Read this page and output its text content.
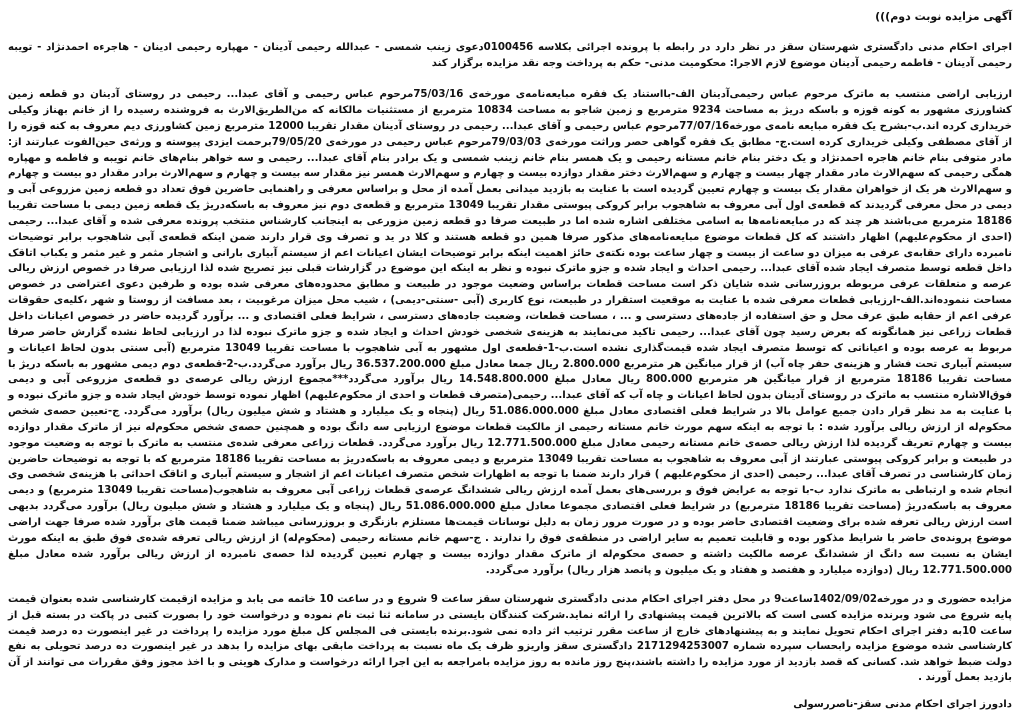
آگهی مزایده نوبت دوم)))

اجرای احکام مدنی دادگستری شهرستان سقز در نظر دارد در رابطه با پرونده اجرائی بکلاسه 0100456دعوی زینب شمسی - عبدالله رحیمی آدینان - مهپاره رحیمی ادینان - هاجرءه احمدنژاد - تویبه رحیمی آدینان - فاطمه رحیمی آدینان موضوع لازم الاجرا: محکومیت مدنی- حکم به پرداخت وجه نقد مزایده برگزار کند

ارزیابی اراضی منتسب به ماترک مرحوم عباس رحیمی‌آدینان الف-بااستناد یک فقره مبایعه‌نامه‌ی مورخه‌ی 75/03/16مرحوم عباس رحیمی و آقای عبدا... رحیمی در روستای آدینان دو قطعه زمین کشاورزی مشهور به کونه قوزه و باسکه دریژ به مساحت 9234 مترمربع و زمین شاجو به مساحت 10834 مترمربع از مستثنیات مالکانه که من‌الطریق‌الارث به فروشنده رسیده را از خانم بهناز وکیلی خریداری کرده اند.ب-بشرح یک فقره مبایعه نامه‌ی مورخه77/07/16مرحوم عباس رحیمی و آقای عبدا... رحیمی در روستای آدینان مقدار تقریبا 12000 مترمربع زمین کشاورزی دیم معروف به کنه قوزه را از آقای مصطفی وکیلی خریداری کرده است.ج- مطابق یک فقره گواهی حصر وراثت مورخه‌ی 79/03/03مرحوم عباس رحیمی در مورخه‌ی 79/05/20برحمت ایزدی پیوسته و ورثه‌ی حین‌الفوت عبارتند از: مادر متوفی بنام خانم هاجره احمدنژاد و یک دختر بنام خانم مستانه رحیمی و یک همسر بنام خانم زینب شمسی و یک برادر بنام آقای عبدا... رحیمی و سه خواهر بنام‌های خانم تویبه و فاطمه و مهپاره همگی رحیمی که سهم‌الارث مادر مقدار چهار بیست و چهارم و سهم‌الارث دختر مقدار دوازده بیست و چهارم و سهم‌الارث همسر نیز مقدار سه بیست و چهارم و سهم‌الارث برادر مقدار دو بیست و چهارم و سهم‌الارث هر یک از خواهران مقدار یک بیست و چهارم تعیین گردیده است با عنایت به بازدید میدانی بعمل آمده از محل و براساس معرفی و راهنمایی حاضرین فوق تعداد دو قطعه زمین مزروعی آبی و دیمی در محل معرفی گردیدند که قطعه‌ی اول آبی معروف به شاهجوب برابر کروکی پیوستی مقدار تقریبا 13049 مترمربع و قطعه‌ی دوم نیز معروف به باسکه‌دریژ یک قطعه زمین دیمی با مساحت تقریبا 18186 مترمربع می‌باشند هر چند که در مبایعه‌نامه‌ها به اسامی مختلفی اشاره شده اما در طبیعت صرفا دو قطعه زمین مزورعی به اینجانب کارشناس منتخب پرونده معرفی شده و آقای عبدا... رحیمی (احدی از محکوم‌علیهم) اظهار داشتند که کل قطعات موضوع مبایعه‌نامه‌های مذکور صرفا همین دو قطعه هستند و کلا در ید و تصرف وی قرار دارند ضمن اینکه قطعه‌ی آبی شاهجوب برابر توضیحات نامبرده دارای حقابه‌ی عرفی به میزان دو ساعت از بیست و چهار ساعت بوده نکته‌ی حائز اهمیت اینکه برابر توضیحات ایشان اعیانات اعم از سیستم آبیاری بارانی و اشجار مثمر و غیر مثمر و یکباب اتاقک داخل قطعه توسط متصرف ایجاد شده آقای عبدا... رحیمی احداث و ایجاد شده و جزو ماترک نبوده و نظر به اینکه این موضوع در گزارشات قبلی نیز تصریح شده لذا ارزیابی صرفا در خصوص ارزش ریالی عرصه و متعلقات عرفی مربوطه بروزرسانی شده شایان ذکر است مساحت قطعات براساس وضعیت موجود در طبیعت و مطابق محدوده‌های معرفی شده بوده و طرفین دعوی اعتراضی در خصوص مساحت ننموده‌اند.الف-ارزیابی قطعات معرفی شده با عنایت به موقعیت استقرار در طبیعت، نوع کاربری (آبی -سنتی-دیمی) ، شیب محل میزان مرغوبیت ، بعد مسافت از روستا و شهر ،کلیه‌ی حقوقات عرفی اعم از حقابه طبق عرف محل و حق استفاده از جاده‌های دسترسی و ... ، مساحت قطعات، وضعیت جاده‌های دسترسی ، شرایط فعلی اقتصادی و ... برآورد گردیده حاضر در خصوص اعیانات داخل قطعات زراعی نیز همانگونه که بعرض رسید چون آقای عبدا... رحیمی تاکید می‌نمایند به هزینه‌ی شخصی خودش احداث و ایجاد شده و جزو ماترک نبوده لذا در ارزیابی لحاظ نشده گزارش حاضر صرفا مربوط به عرصه بوده و اعیاناتی که توسط متصرف ایجاد شده قیمت‌گذاری نشده است.ب-1-قطعه‌ی اول مشهور به آبی شاهجوب با مساحت تقریبا 13049 مترمربع (آبی سنتی بدون لحاظ اعیانات و سیستم آبیاری تحت فشار و هزینه‌ی حفر چاه آب) از قرار میانگین هر مترمربع 2.800.000 ریال جمعا معادل مبلغ 36.537.200.000 ریال برآورد می‌گردد.ب-2-قطعه‌ی دوم دیمی مشهور به باسکه دریژ با مساحت تقریبا 18186 مترمربع از قرار میانگین هر مترمربع 800.000 ریال معادل مبلغ 14.548.800.000 ریال برآورد می‌گردد***مجموع ارزش ریالی عرصه‌ی دو قطعه‌ی مزروعی آبی و دیمی فوق‌الاشاره منتسب به ماترک در روستای آدینان بدون لحاظ اعیانات و چاه آب که آقای عبدا... رحیمی(متصرف قطعات و احدی از محکوم‌علیهم) اظهار نموده توسط خودش ایجاد شده و جزو ماترک نبوده و با عنایت به مد نظر قرار دادن جمیع عوامل بالا در شرایط فعلی اقتصادی معادل مبلغ 51.086.000.000 ریال (پنجاه و یک میلیارد و هشتاد و شش میلیون ریال) برآورد می‌گردد. ج-تعیین حصه‌ی شخص محکوم‌له از ارزش ریالی برآورد شده : با توجه به اینکه سهم مورث خانم مستانه رحیمی از مالکیت قطعات موضوع ارزیابی سه دانگ بوده و همچنین حصه‌ی شخص محکوم‌له نیز از ماترک مقدار دوازده بیست و چهارم تعریف گردیده لذا ارزش ریالی حصه‌ی خانم مستانه رحیمی معادل مبلغ 12.771.500.000 ریال برآورد می‌گردد. قطعات زراعی معرفی شده‌ی منتسب به ماترک با توجه به وضعیت موجود در طبیعت و برابر کروکی پیوستی عبارتند از آبی معروف به شاهجوب به مساحت تقریبا 13049 مترمربع و دیمی معروف به باسکه‌دریژ به مساحت تقریبا 18186 مترمربع که با توجه به توضیحات حاضرین زمان کارشناسی در تصرف آقای عبدا... رحیمی (احدی از محکوم‌علیهم ) قرار دارند ضمنا با توجه به اظهارات شخص متصرف اعیانات اعم از اشجار و سیستم آبیاری و اتاقک احداثی با هزینه‌ی شخصی وی انجام شده و ارتباطی به ماترک ندارد ب-با توجه به عرایض فوق و بررسی‌های بعمل آمده ارزش ریالی ششدانگ عرصه‌ی قطعات زراعی آبی معروف به شاهجوب(مساحت تقریبا 13049 مترمربع) و دیمی معروف به باسکه‌دریژ (مساحت تقریبا 18186 مترمربع) در شرایط فعلی اقتصادی مجموعا معادل مبلغ 51.086.000.000 ریال (پنجاه و یک میلیارد و هشتاد و شش میلیون ریال) برآورد می‌گردد بدیهی است ارزش ریالی تعرفه شده برای وضعیت اقتصادی حاضر بوده و در صورت مرور زمان به دلیل نوسانات قیمت‌ها مستلزم بازنگری و بروزرسانی میباشد ضمنا قیمت های برآورد شده صرفا جهت اراضی موضوع پرونده‌ی حاضر با شرایط مذکور بوده و قابلیت تعمیم به سایر اراضی در منطقه‌ی فوق را ندارند . ج-سهم خانم مستانه رحیمی (محکوم‌له) از ارزش ریالی تعرفه شده‌ی فوق طبق به اینکه مورث ایشان به نسبت سه دانگ از ششدانگ عرصه مالکیت داشته و حصه‌ی محکوم‌له از ماترک مقدار دوازده بیست و چهارم تعیین گردیده لذا حصه‌ی نامبرده از ارزش ریالی برآورد شده معادل مبلغ 12.771.500.000 ریال (دوازده میلیارد و هفتصد و هفتاد و یک میلیون و پانصد هزار ریال) برآورد می‌گردد.

مزایده حضوری و در مورخه1402/09/02ساعت9 در محل دفتر اجرای احکام مدنی دادگستری شهرستان سقز ساعت 9 شروع و در ساعت 10 خاتمه می یابد و مزایده ازقیمت کارشناسی شده بعنوان قیمت پایه شروع می شود وبرنده مزایده کسی است که بالاترین قیمت پیشنهادی را ارائه نماید.شرکت کنندگان بایستی در سامانه ثنا ثبت نام نموده و درخواست خود را بصورت کتبی در پاکت در بسته قبل از ساعت 10به دفتر اجرای احکام تحویل نمایند و به پیشنهادهای خارج از ساعت مقرر ترتیب اثر داده نمی شود.برنده بایستی فی المجلس کل مبلغ مورد مزایده را پرداخت در غیر اینصورت ده درصد قیمت کارشناسی شده موضوع مزایده رابحساب سپرده شماره 2171294253007 دادگستری سقز واریزو ظرف یک ماه نسبت به پرداخت مابقی بهای مزایده را بدهد در غیر اینصورت ده درصد تحویلی به نفع دولت ضبط خواهد شد. کسانی که قصد بازدید از مورد مزایده را داشته باشند،پنج روز مانده به روز مزایده بامراجعه به این اجرا ارائه درخواست و مدارک هویتی و با اخذ مجوز وفق مقررات می توانند از آن بازدید بعمل آورند .

دادورز اجرای احکام مدنی سقز-ناصررسولی
